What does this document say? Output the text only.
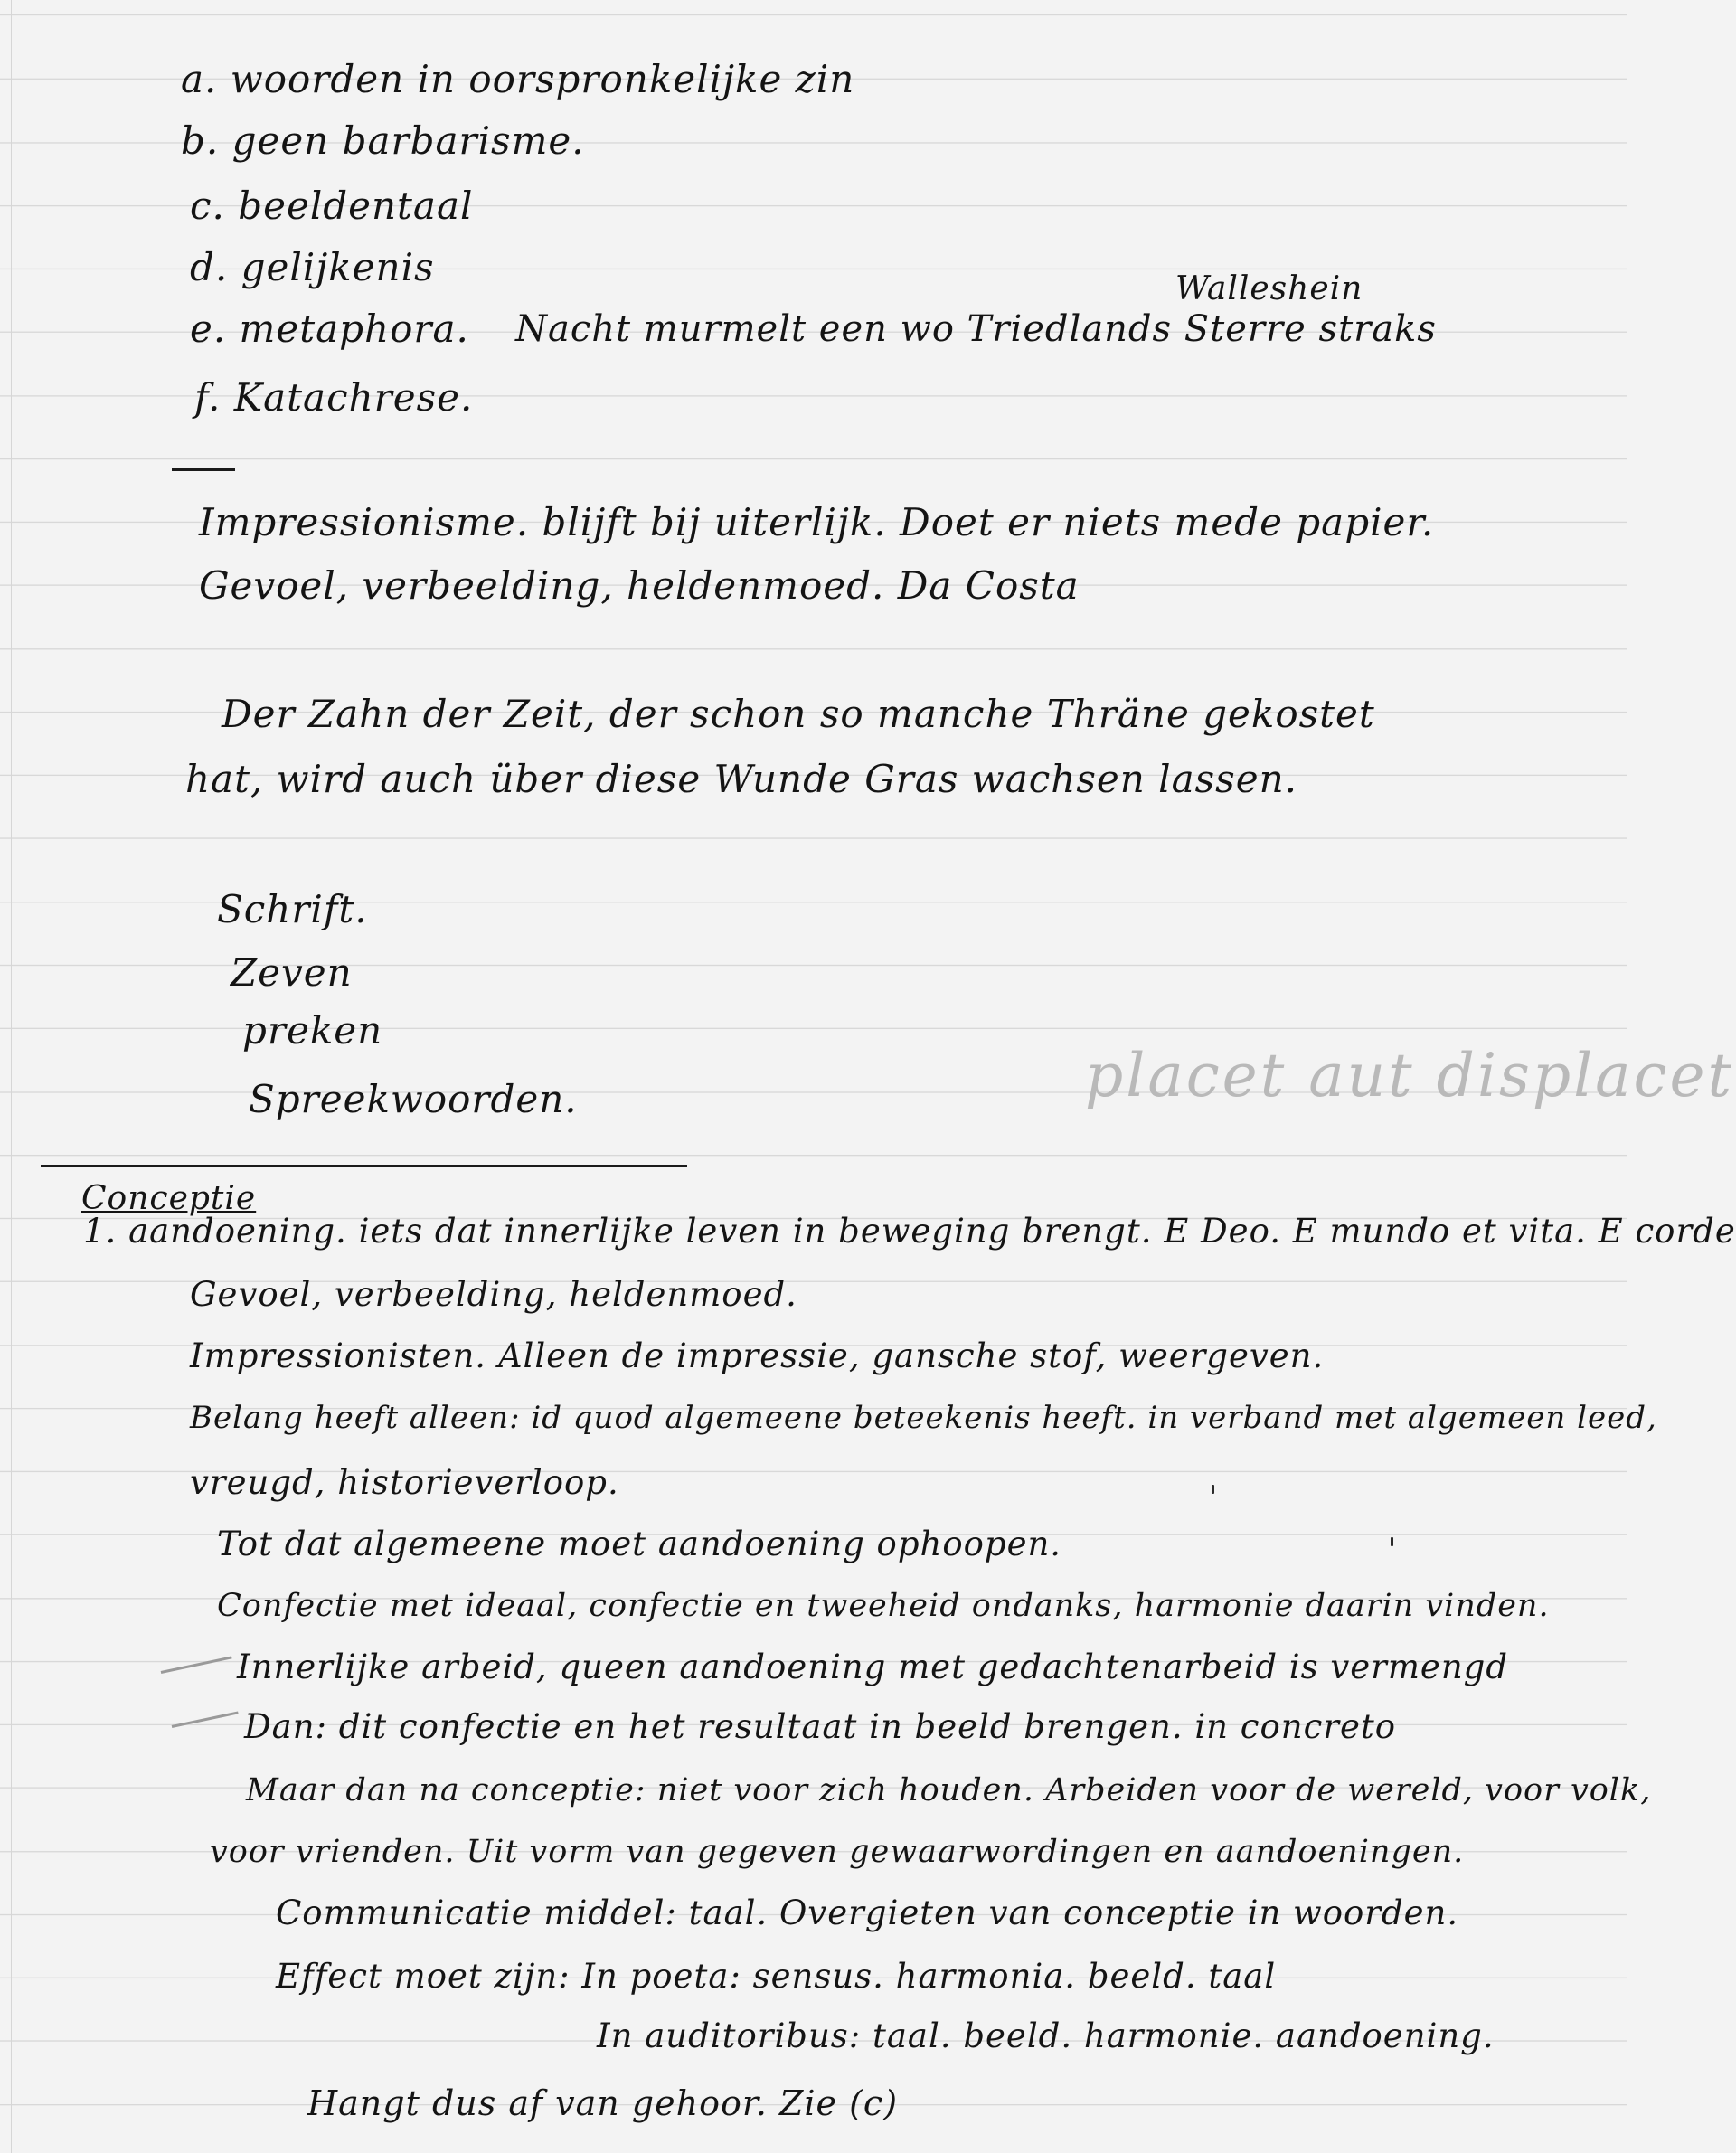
a. woorden in oorspronkelijke zin
b. geen barbarisme.
c. beeldentaal
d. gelijkenis	Walleshein
e. metaphora. Nacht murmelt een wo Triedlands Sterre straks
f. Katachrese.
Impressionisme. blijft bij uiterlijk. Doet er niets mede papier.
Gevoel, verbeelding, heldenmoed. Da Costa
Der Zahn der Zeit, der schon so manche Thräne gekostet
hat, wird auch über diese Wunde Gras wachsen lassen.
Schrift.
Zeven
preken
Spreekwoorden.	placet aut displacet
Conceptie
1. aandoening. iets dat innerlijke leven in beweging brengt. E Deo. E mundo et vita. E corde
Gevoel, verbeelding, heldenmoed.
Impressionisten. Alleen de impressie, gansche stof, weergeven.
Belang heeft alleen: id quod algemeene beteekenis heeft. in verband met algemeen leed,
vreugd, historieverloop.
Tot dat algemeene moet aandoening ophoopen.
Confectie met ideaal, confectie en tweeheid ondanks, harmonie daarin vinden.
Innerlijke arbeid, queen aandoening met gedachtenarbeid is vermengd
Dan: dit confectie en het resultaat in beeld brengen. in concreto
Maar dan na conceptie: niet voor zich houden. Arbeiden voor de wereld, voor volk,
voor vrienden. Uit vorm van gegeven gewaarwordingen en aandoeningen.
Communicatie middel: taal. Overgieten van conceptie in woorden.
Effect moet zijn: In poeta: sensus. harmonia. beeld. taal
In auditoribus: taal. beeld. harmonie. aandoening.
Hangt dus af van gehoor. Zie (c)
